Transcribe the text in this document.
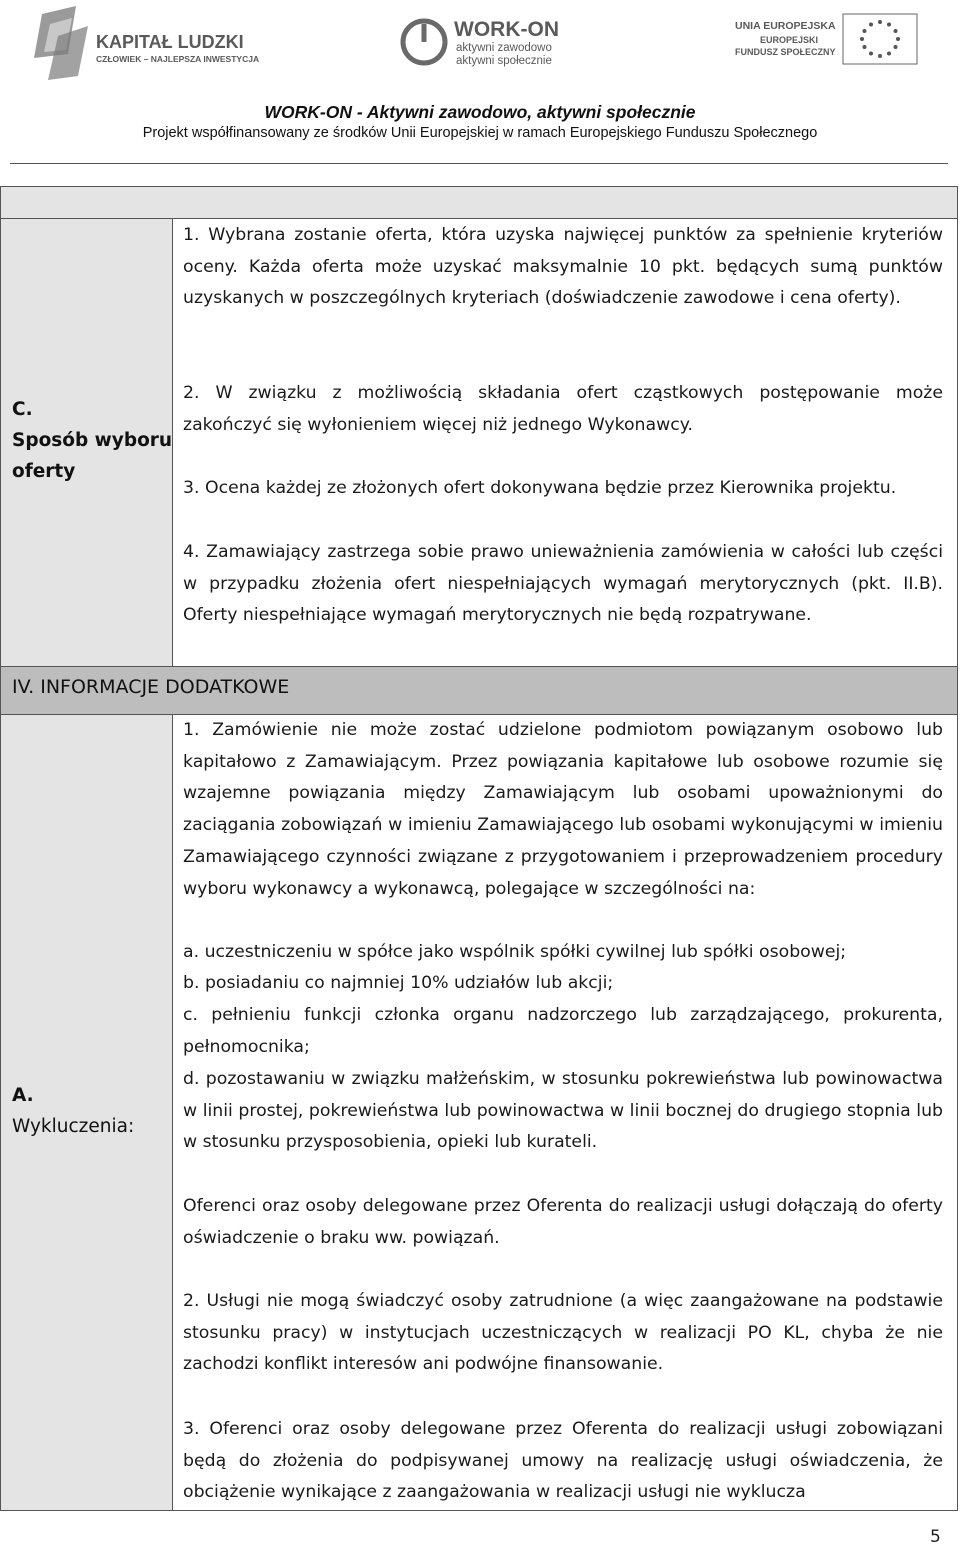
KAPITAŁ LUDZKI
CZŁOWIEK – NAJLEPSZA INWESTYCJA
WORK-ON
aktywni zawodowo
aktywni społecznie
UNIA EUROPEJSKA
EUROPEJSKI
FUNDUSZ SPOŁECZNY
WORK-ON - Aktywni zawodowo, aktywni społecznie
Projekt współfinansowany ze środków Unii Europejskiej w ramach Europejskiego Funduszu Społecznego
IV. INFORMACJE DODATKOWE
C.
Sposób wyboru
oferty
1. Wybrana zostanie oferta, która uzyska najwięcej punktów za spełnienie kryteriów oceny. Każda oferta może uzyskać maksymalnie 10 pkt. będących sumą punktów uzyskanych w poszczególnych kryteriach (doświadczenie zawodowe i cena oferty).
2. W związku z możliwością składania ofert cząstkowych postępowanie może zakończyć się wyłonieniem więcej niż jednego Wykonawcy.
3. Ocena każdej ze złożonych ofert dokonywana będzie przez Kierownika projektu.
4. Zamawiający zastrzega sobie prawo unieważnienia zamówienia w całości lub części w przypadku złożenia ofert niespełniających wymagań merytorycznych (pkt. II.B). Oferty niespełniające wymagań merytorycznych nie będą rozpatrywane.
A.
Wykluczenia:
1. Zamówienie nie może zostać udzielone podmiotom powiązanym osobowo lub kapitałowo z Zamawiającym. Przez powiązania kapitałowe lub osobowe rozumie się wzajemne powiązania między Zamawiającym lub osobami upoważnionymi do zaciągania zobowiązań w imieniu Zamawiającego lub osobami wykonującymi w imieniu Zamawiającego czynności związane z przygotowaniem i przeprowadzeniem procedury wyboru wykonawcy a wykonawcą, polegające w szczególności na:
a. uczestniczeniu w spółce jako wspólnik spółki cywilnej lub spółki osobowej;
b. posiadaniu co najmniej 10% udziałów lub akcji;
c. pełnieniu funkcji członka organu nadzorczego lub zarządzającego, prokurenta, pełnomocnika;
d. pozostawaniu w związku małżeńskim, w stosunku pokrewieństwa lub powinowactwa w linii prostej, pokrewieństwa lub powinowactwa w linii bocznej do drugiego stopnia lub w stosunku przysposobienia, opieki lub kurateli.
Oferenci oraz osoby delegowane przez Oferenta do realizacji usługi dołączają do oferty oświadczenie o braku ww. powiązań.
2. Usługi nie mogą świadczyć osoby zatrudnione (a więc zaangażowane na podstawie stosunku pracy) w instytucjach uczestniczących w realizacji PO KL, chyba że nie zachodzi konflikt interesów ani podwójne finansowanie.
3. Oferenci oraz osoby delegowane przez Oferenta do realizacji usługi zobowiązani będą do złożenia do podpisywanej umowy na realizację usługi oświadczenia, że obciążenie wynikające z zaangażowania w realizacji usługi nie wyklucza
5
